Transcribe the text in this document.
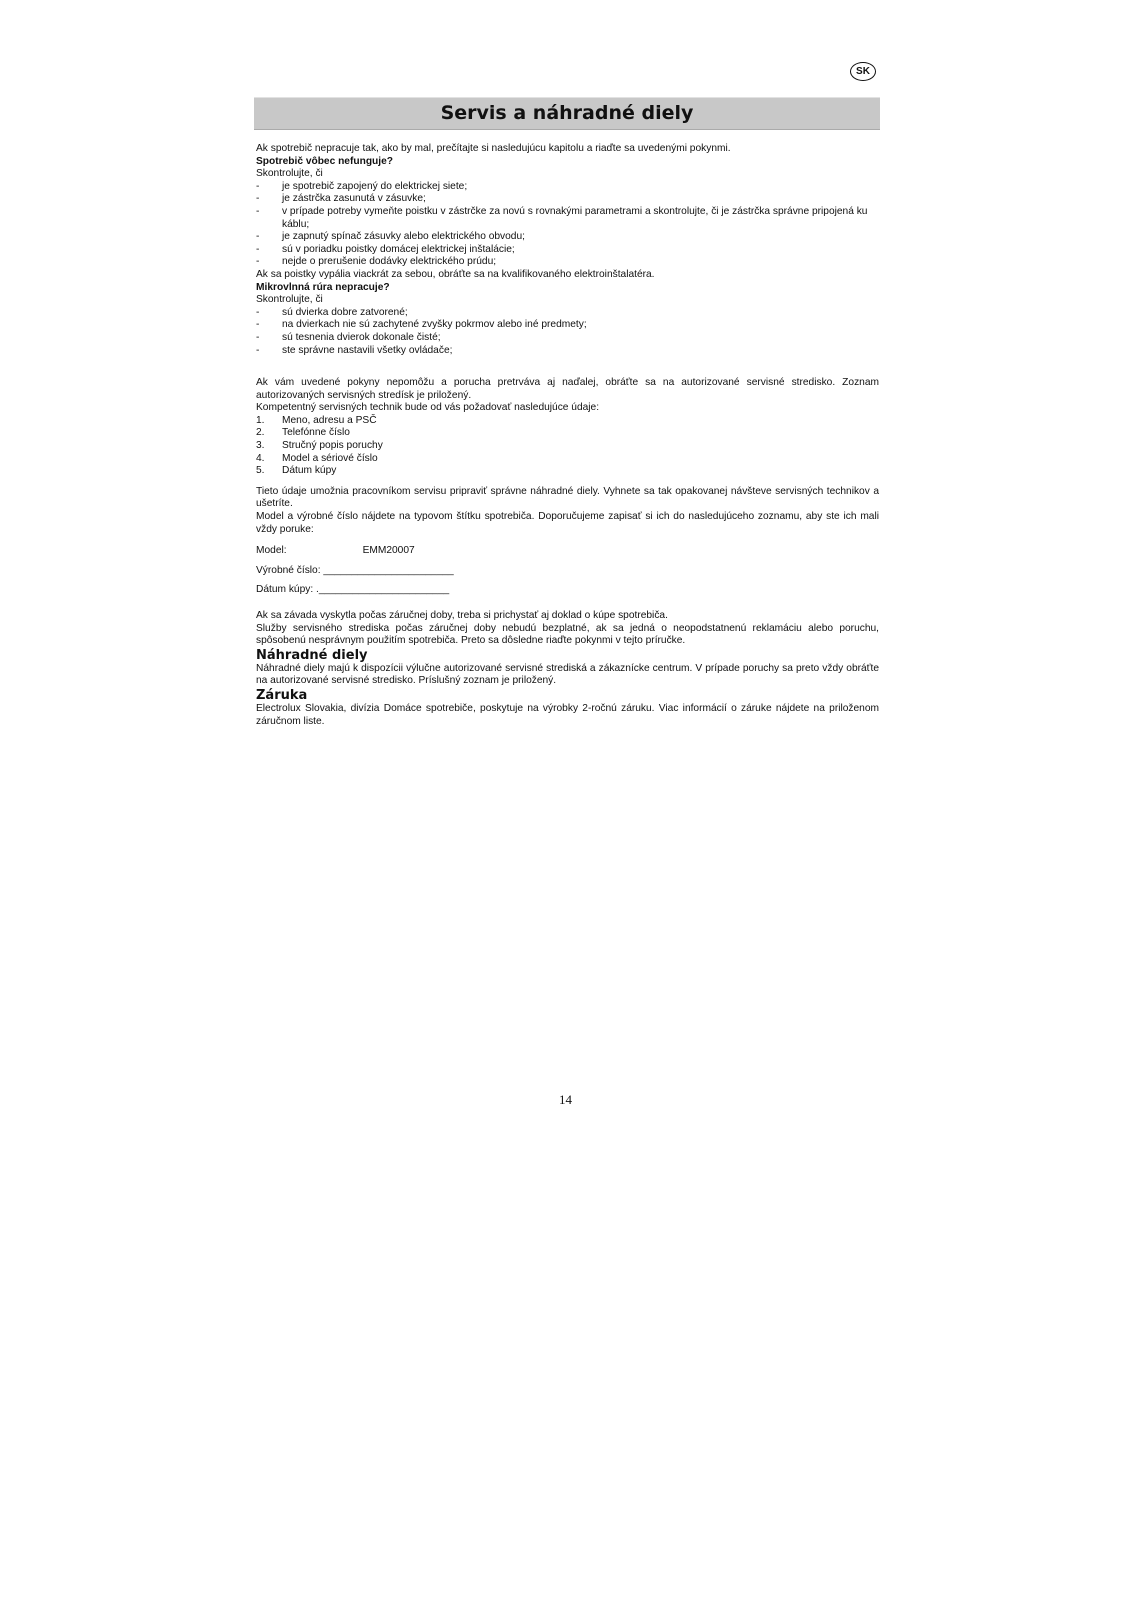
SK
Servis a náhradné diely

Ak spotrebič nepracuje tak, ako by mal, prečítajte si nasledujúcu kapitolu a riaďte sa uvedenými pokynmi.

Spotrebič vôbec nefunguje?

Skontrolujte, či

- je spotrebič zapojený do elektrickej siete;
- je zástrčka zasunutá v zásuvke;
- v prípade potreby vymeňte poistku v zástrčke za novú s rovnakými parametrami a skontrolujte, či je zástrčka správne pripojená ku káblu;
- je zapnutý spínač zásuvky alebo elektrického obvodu;
- sú v poriadku poistky domácej elektrickej inštalácie;
- nejde o prerušenie dodávky elektrického prúdu;

Ak sa poistky vypália viackrát za sebou, obráťte sa na kvalifikovaného elektroinštalatéra.

Mikrovlnná rúra nepracuje?

Skontrolujte, či

- sú dvierka dobre zatvorené;
- na dvierkach nie sú zachytené zvyšky pokrmov alebo iné predmety;
- sú tesnenia dvierok dokonale čisté;
- ste správne nastavili všetky ovládače;

Ak vám uvedené pokyny nepomôžu a porucha pretrváva aj naďalej, obráťte sa na autorizované servisné stredisko. Zoznam autorizovaných servisných stredísk je priložený.

Kompetentný servisných technik bude od vás požadovať nasledujúce údaje:

1. Meno, adresu a PSČ
2. Telefónne číslo
3. Stručný popis poruchy
4. Model a sériové číslo
5. Dátum kúpy

Tieto údaje umožnia pracovníkom servisu pripraviť správne náhradné diely. Vyhnete sa tak opakovanej návšteve servisných technikov a ušetríte.

Model a výrobné číslo nájdete na typovom štítku spotrebiča. Doporučujeme zapisať si ich do nasledujúceho zoznamu, aby ste ich mali vždy poruke:

Model:	EMM20007

Výrobné číslo: _______________________

Dátum kúpy: ._______________________

Ak sa závada vyskytla počas záručnej doby, treba si prichystať aj doklad o kúpe spotrebiča.

Služby servisného strediska počas záručnej doby nebudú bezplatné, ak sa jedná o neopodstatnenú reklamáciu alebo poruchu, spôsobenú nesprávnym použitím spotrebiča. Preto sa dôsledne riaďte pokynmi v tejto príručke.

Náhradné diely

Náhradné diely majú k dispozícii výlučne autorizované servisné strediská a zákaznícke centrum. V prípade poruchy sa preto vždy obráťte na autorizované servisné stredisko. Príslušný zoznam je priložený.

Záruka

Electrolux Slovakia, divízia Domáce spotrebiče, poskytuje na výrobky 2-ročnú záruku. Viac informácií o záruke nájdete na priloženom záručnom liste.

14
